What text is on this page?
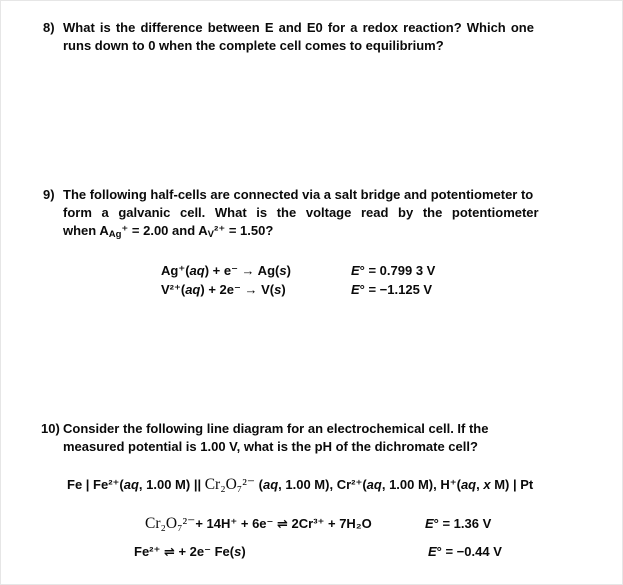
8) What is the difference between E and E0 for a redox reaction? Which one
runs down to 0 when the complete cell comes to equilibrium?
9) The following half-cells are connected via a salt bridge and potentiometer to
form a galvanic cell. What is the voltage read by the potentiometer
when AAg⁺ = 2.00 and AV²⁺ = 1.50?
Ag⁺(aq) + e⁻ → Ag(s)	E° = 0.799 3 V
V²⁺(aq) + 2e⁻ → V(s)	E° = −1.125 V
10) Consider the following line diagram for an electrochemical cell. If the
measured potential is 1.00 V, what is the pH of the dichromate cell?
Fe | Fe²⁺(aq, 1.00 M) || Cr₂O₇²⁻ (aq, 1.00 M), Cr²⁺(aq, 1.00 M), H⁺(aq, x M) | Pt
Cr₂O₇²⁻+ 14H⁺ + 6e⁻ ⇌ 2Cr³⁺ + 7H₂O	E° = 1.36 V
Fe²⁺ ⇌ + 2e⁻ Fe(s)	E° = −0.44 V
